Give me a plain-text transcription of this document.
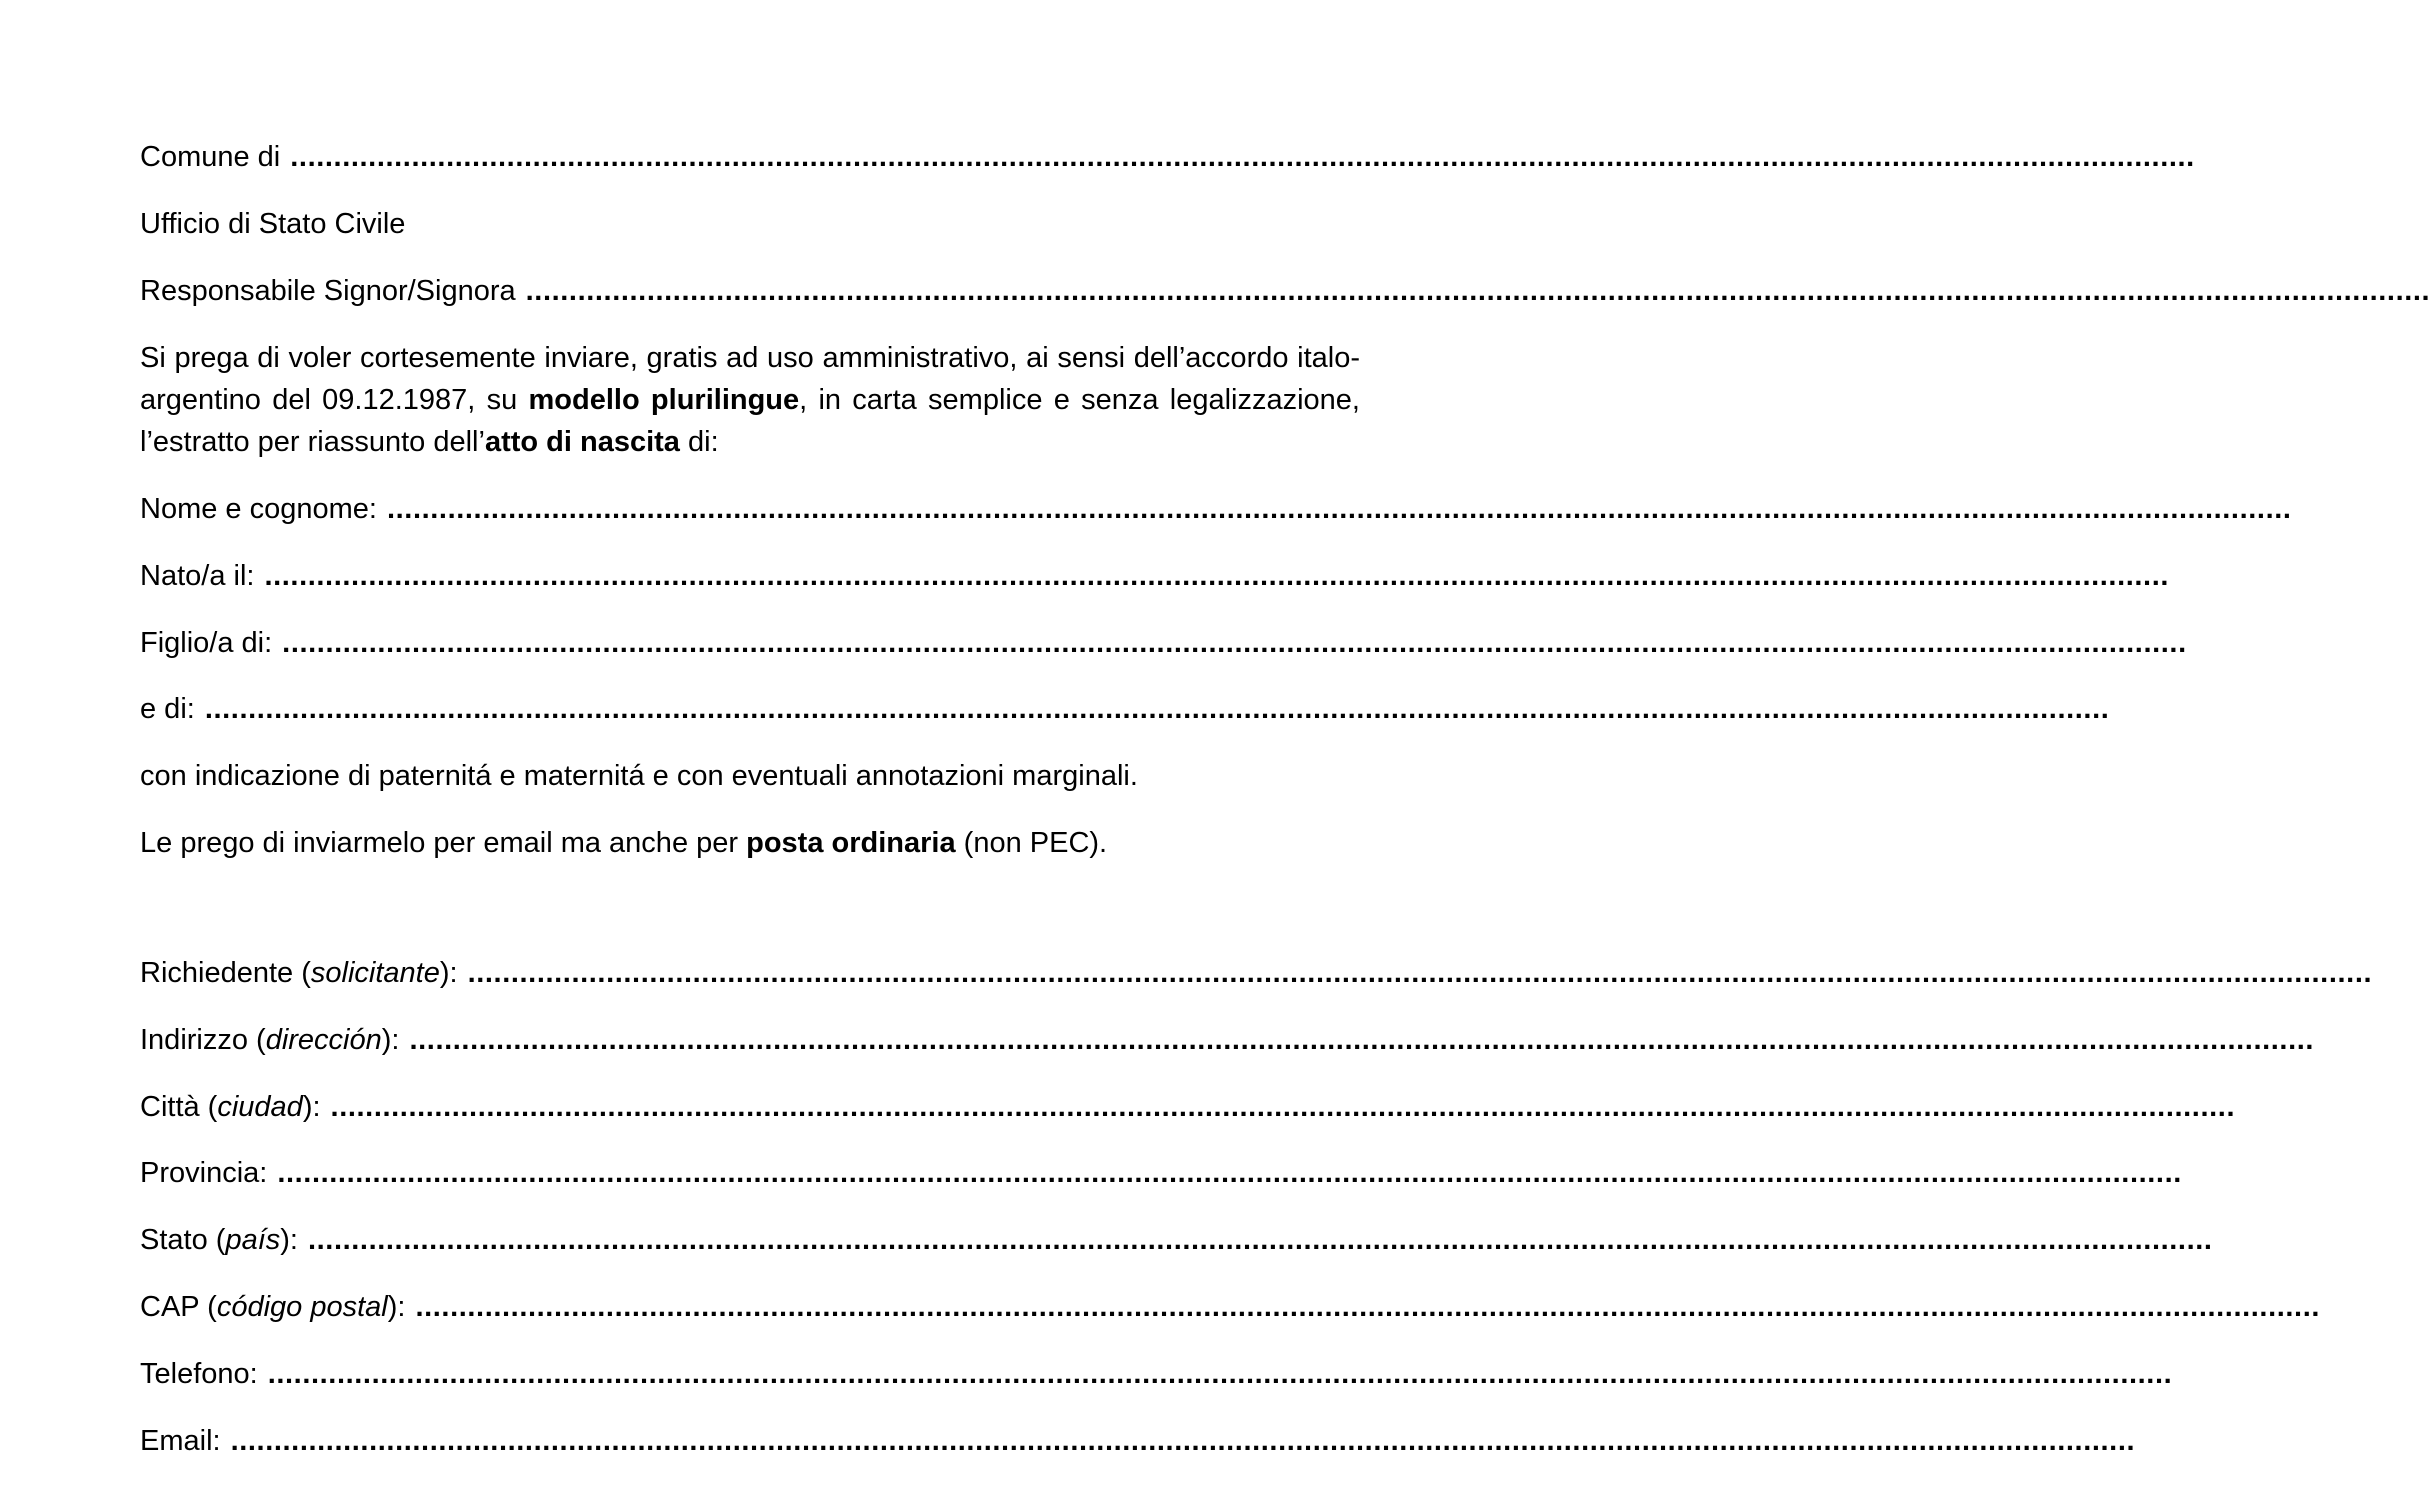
Comune di ............................................................................................................................................................................................................................
Ufficio di Stato Civile
Responsabile Signor/Signora ............................................................................................................................................................................................................................
Si prega di voler cortesemente inviare, gratis ad uso amministrativo, ai sensi dell’accordo italo-argentino del 09.12.1987, su modello plurilingue, in carta semplice e senza legalizzazione, l’estratto per riassunto dell’atto di nascita di:
Nome e cognome: ............................................................................................................................................................................................................................
Nato/a il: ............................................................................................................................................................................................................................
Figlio/a di: ............................................................................................................................................................................................................................
e di: ............................................................................................................................................................................................................................
con indicazione di paternitá e maternitá e con eventuali annotazioni marginali.
Le prego di inviarmelo per email ma anche per posta ordinaria (non PEC).
Richiedente (solicitante): ............................................................................................................................................................................................................................
Indirizzo (dirección): ............................................................................................................................................................................................................................
Città (ciudad): ............................................................................................................................................................................................................................
Provincia: ............................................................................................................................................................................................................................
Stato (país): ............................................................................................................................................................................................................................
CAP (código postal): ............................................................................................................................................................................................................................
Telefono: ............................................................................................................................................................................................................................
Email: ............................................................................................................................................................................................................................
